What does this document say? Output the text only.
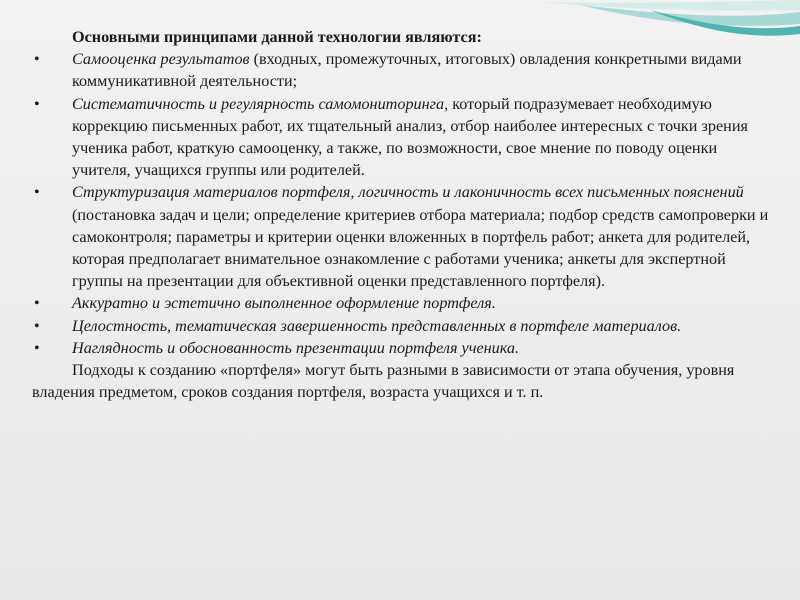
Основными принципами данной технологии являются:

• Самооценка результатов (входных, промежуточных, итоговых) овладения конкретными видами коммуникативной деятельности;
• Систематичность и регулярность самомониторинга, который подразумевает необходимую коррекцию письменных работ, их тщательный анализ, отбор наиболее интересных с точки зрения ученика работ, краткую самооценку, а также, по возможности, свое мнение по поводу оценки учителя, учащихся группы или родителей.
• Структуризация материалов портфеля, логичность и лаконичность всех письменных пояснений (постановка задач и цели; определение критериев отбора материала; подбор средств самопроверки и самоконтроля; параметры и критерии оценки вложенных в портфель работ; анкета для родителей, которая предполагает внимательное ознакомление с работами ученика; анкеты для экспертной группы на презентации для объективной оценки представленного портфеля).
• Аккуратно и эстетично выполненное оформление портфеля.
• Целостность, тематическая завершенность представленных в портфеле материалов.
• Наглядность и обоснованность презентации портфеля ученика.

Подходы к созданию «портфеля» могут быть разными в зависимости от этапа обучения, уровня владения предметом, сроков создания портфеля, возраста учащихся и т. п.
